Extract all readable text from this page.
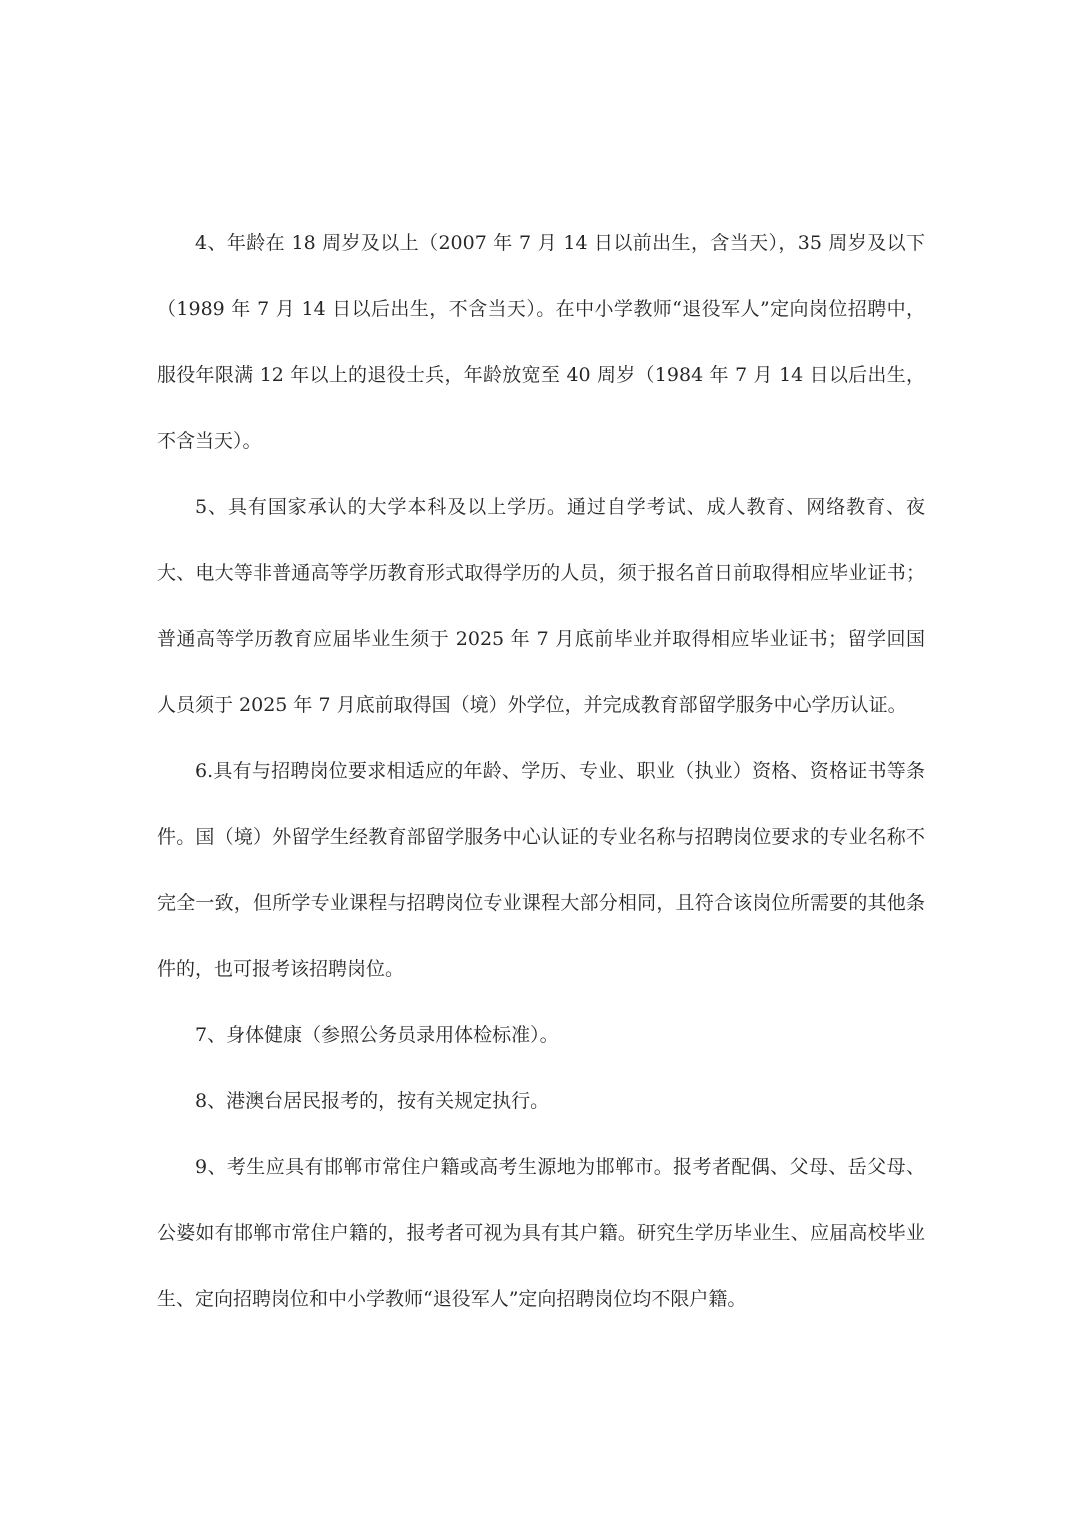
4、年龄在 18 周岁及以上（2007 年 7 月 14 日以前出生，含当天），35 周岁及以下（1989 年 7 月 14 日以后出生，不含当天）。在中小学教师“退役军人”定向岗位招聘中，服役年限满 12 年以上的退役士兵，年龄放宽至 40 周岁（1984 年 7 月 14 日以后出生，不含当天）。

5、具有国家承认的大学本科及以上学历。通过自学考试、成人教育、网络教育、夜大、电大等非普通高等学历教育形式取得学历的人员，须于报名首日前取得相应毕业证书；普通高等学历教育应届毕业生须于 2025 年 7 月底前毕业并取得相应毕业证书；留学回国人员须于 2025 年 7 月底前取得国（境）外学位，并完成教育部留学服务中心学历认证。

6.具有与招聘岗位要求相适应的年龄、学历、专业、职业（执业）资格、资格证书等条件。国（境）外留学生经教育部留学服务中心认证的专业名称与招聘岗位要求的专业名称不完全一致，但所学专业课程与招聘岗位专业课程大部分相同，且符合该岗位所需要的其他条件的，也可报考该招聘岗位。

7、身体健康（参照公务员录用体检标准）。

8、港澳台居民报考的，按有关规定执行。

9、考生应具有邯郸市常住户籍或高考生源地为邯郸市。报考者配偶、父母、岳父母、公婆如有邯郸市常住户籍的，报考者可视为具有其户籍。研究生学历毕业生、应届高校毕业生、定向招聘岗位和中小学教师“退役军人”定向招聘岗位均不限户籍。
